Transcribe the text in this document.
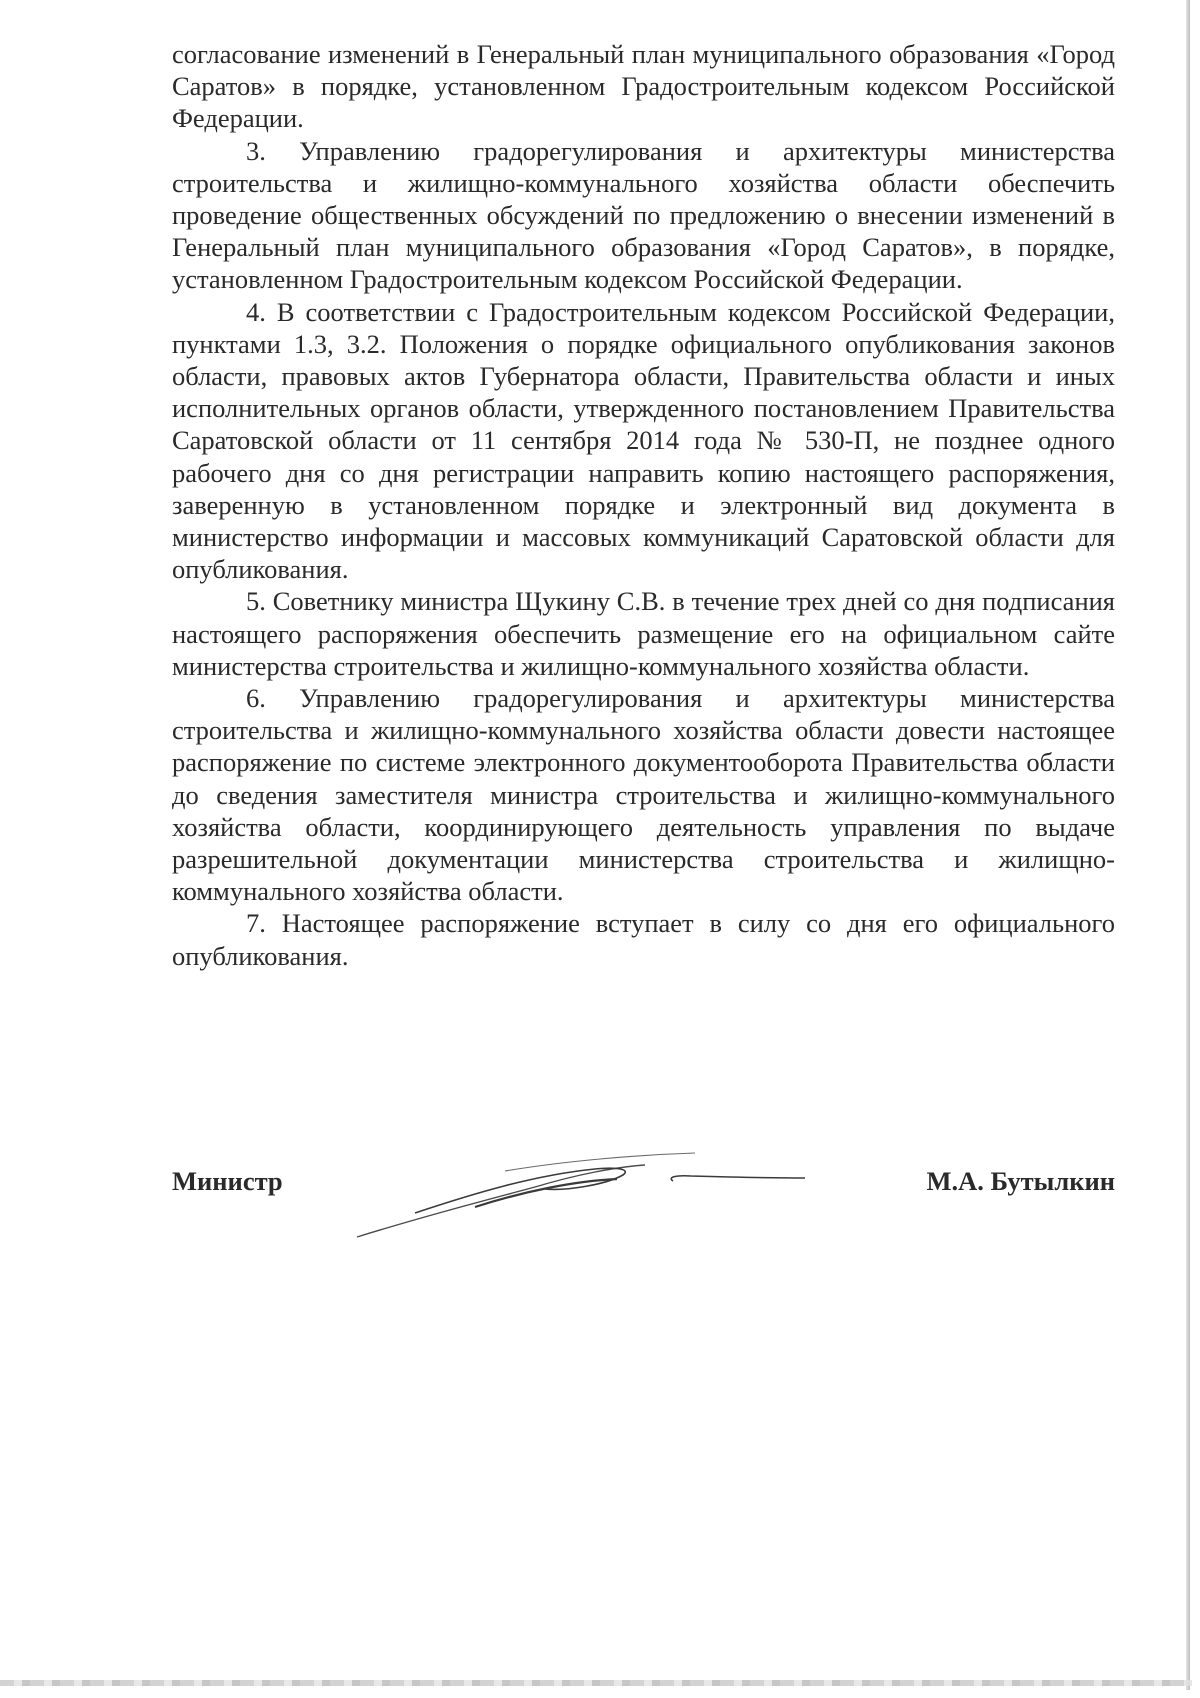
согласование изменений в Генеральный план муниципального образования «Город Саратов» в порядке, установленном Градостроительным кодексом Российской Федерации.

3. Управлению градорегулирования и архитектуры министерства строительства и жилищно-коммунального хозяйства области обеспечить проведение общественных обсуждений по предложению о внесении изменений в Генеральный план муниципального образования «Город Саратов», в порядке, установленном Градостроительным кодексом Российской Федерации.

4. В соответствии с Градостроительным кодексом Российской Федерации, пунктами 1.3, 3.2. Положения о порядке официального опубликования законов области, правовых актов Губернатора области, Правительства области и иных исполнительных органов области, утвержденного постановлением Правительства Саратовской области от 11 сентября 2014 года № 530-П, не позднее одного рабочего дня со дня регистрации направить копию настоящего распоряжения, заверенную в установленном порядке и электронный вид документа в министерство информации и массовых коммуникаций Саратовской области для опубликования.

5. Советнику министра Щукину С.В. в течение трех дней со дня подписания настоящего распоряжения обеспечить размещение его на официальном сайте министерства строительства и жилищно-коммунального хозяйства области.

6. Управлению градорегулирования и архитектуры министерства строительства и жилищно-коммунального хозяйства области довести настоящее распоряжение по системе электронного документооборота Правительства области до сведения заместителя министра строительства и жилищно-коммунального хозяйства области, координирующего деятельность управления по выдаче разрешительной документации министерства строительства и жилищно-коммунального хозяйства области.

7. Настоящее распоряжение вступает в силу со дня его официального опубликования.

Министр	М.А. Бутылкин
